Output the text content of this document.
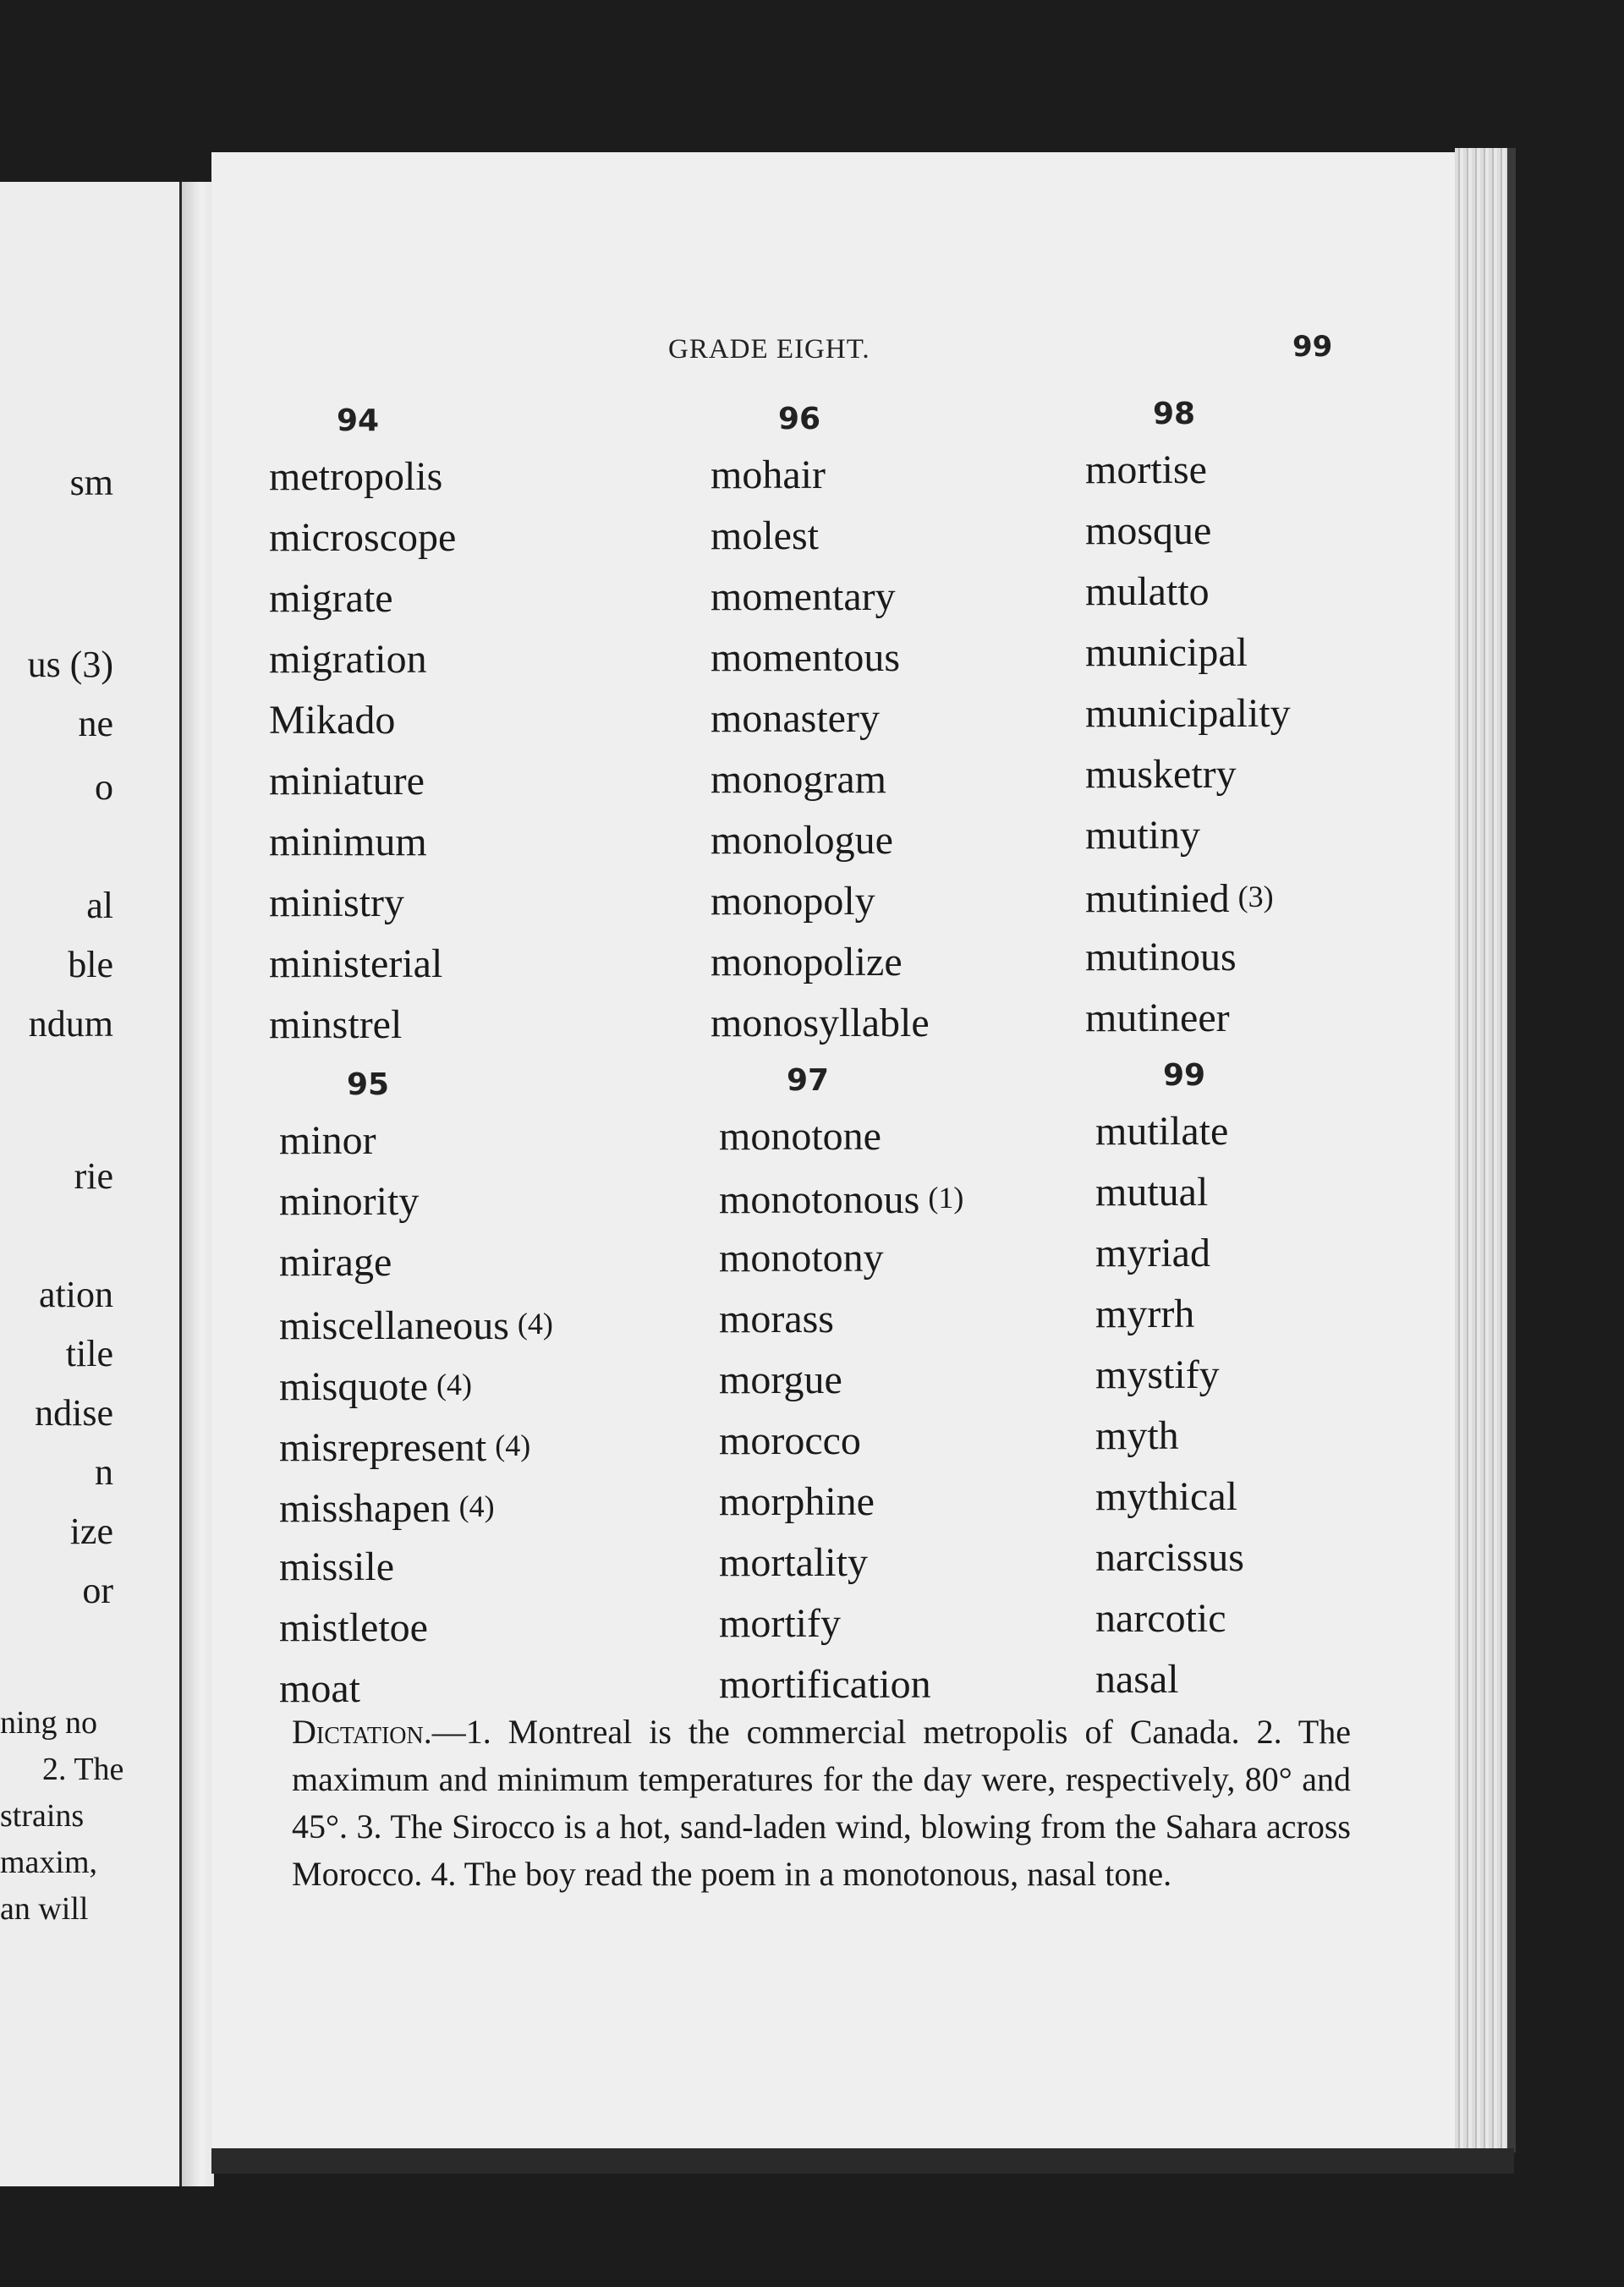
sm
us (3)
ne
o
al
ble
ndum
rie
ation
tile
ndise
n
ize
or
ning no
2. The
strains
maxim,
an will
GRADE EIGHT.	99
94
metropolis
microscope
migrate
migration
Mikado
miniature
minimum
ministry
ministerial
minstrel
95
minor
minority
mirage
miscellaneous (4)
misquote (4)
misrepresent (4)
misshapen (4)
missile
mistletoe
moat
96
mohair
molest
momentary
momentous
monastery
monogram
monologue
monopoly
monopolize
monosyllable
97
monotone
monotonous (1)
monotony
morass
morgue
morocco
morphine
mortality
mortify
mortification
98
mortise
mosque
mulatto
municipal
municipality
musketry
mutiny
mutinied (3)
mutinous
mutineer
99
mutilate
mutual
myriad
myrrh
mystify
myth
mythical
narcissus
narcotic
nasal
Dictation.—1. Montreal is the commercial metropolis of Canada. 2. The maximum and minimum temperatures for the day were, respectively, 80° and 45°. 3. The Sirocco is a hot, sand-laden wind, blowing from the Sahara across Morocco. 4. The boy read the poem in a monotonous, nasal tone.
